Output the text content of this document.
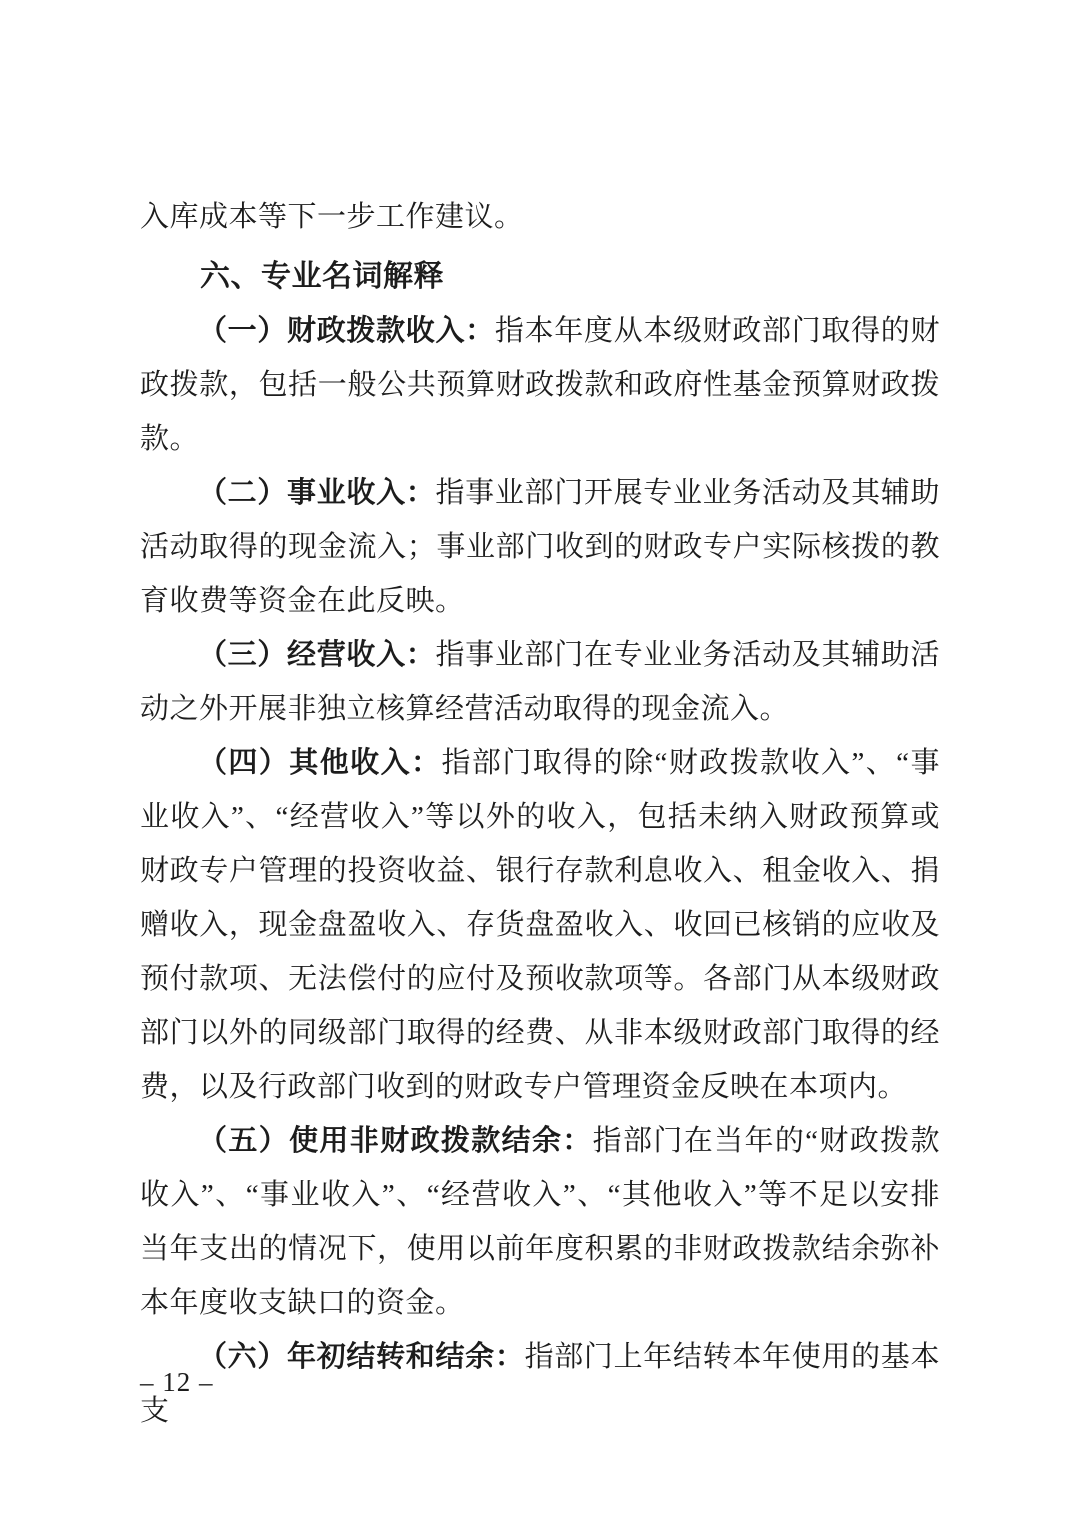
入库成本等下一步工作建议。

六、专业名词解释

（一）财政拨款收入：指本年度从本级财政部门取得的财政拨款，包括一般公共预算财政拨款和政府性基金预算财政拨款。

（二）事业收入：指事业部门开展专业业务活动及其辅助活动取得的现金流入；事业部门收到的财政专户实际核拨的教育收费等资金在此反映。

（三）经营收入：指事业部门在专业业务活动及其辅助活动之外开展非独立核算经营活动取得的现金流入。

（四）其他收入：指部门取得的除“财政拨款收入”、“事业收入”、“经营收入”等以外的收入，包括未纳入财政预算或财政专户管理的投资收益、银行存款利息收入、租金收入、捐赠收入，现金盘盈收入、存货盘盈收入、收回已核销的应收及预付款项、无法偿付的应付及预收款项等。各部门从本级财政部门以外的同级部门取得的经费、从非本级财政部门取得的经费，以及行政部门收到的财政专户管理资金反映在本项内。

（五）使用非财政拨款结余：指部门在当年的“财政拨款收入”、“事业收入”、“经营收入”、“其他收入”等不足以安排当年支出的情况下，使用以前年度积累的非财政拨款结余弥补本年度收支缺口的资金。

（六）年初结转和结余：指部门上年结转本年使用的基本支

– 12 –
